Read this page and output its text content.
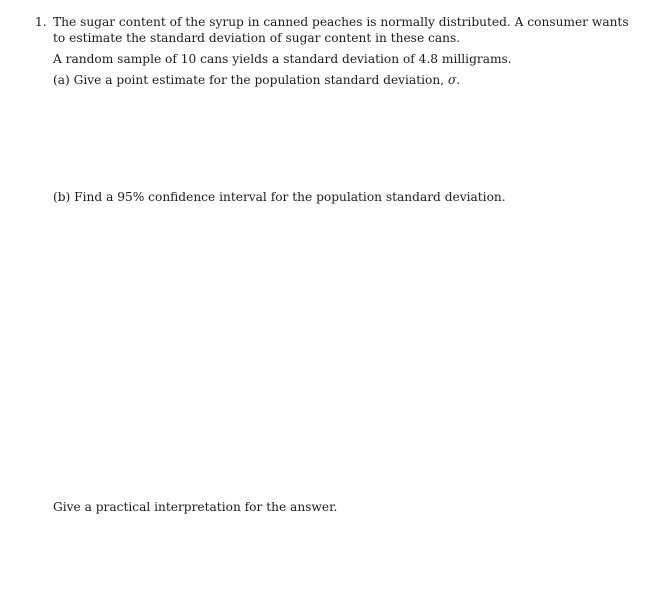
1. The sugar content of the syrup in canned peaches is normally distributed. A consumer wants
to estimate the standard deviation of sugar content in these cans.
A random sample of 10 cans yields a standard deviation of 4.8 milligrams.
(a) Give a point estimate for the population standard deviation, σ.
(b) Find a 95% confidence interval for the population standard deviation.
Give a practical interpretation for the answer.
